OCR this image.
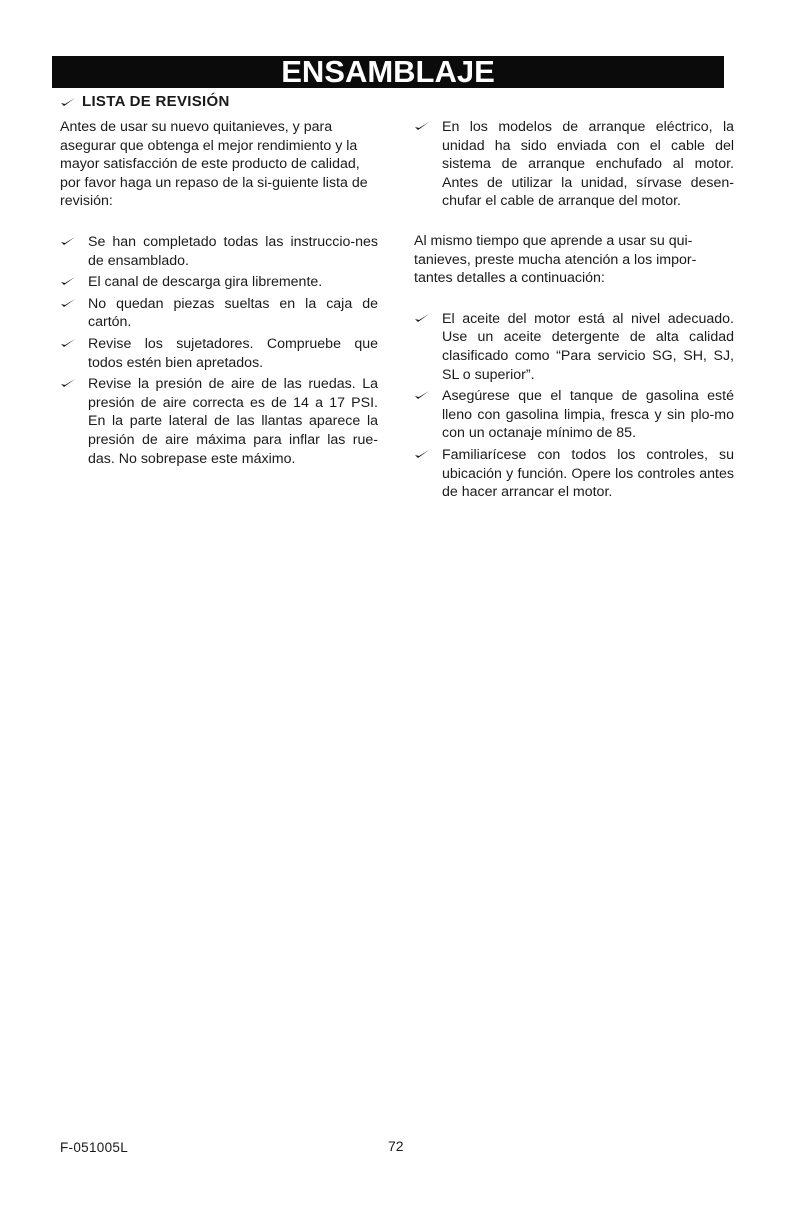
ENSAMBLAJE
LISTA DE REVISIÓN

Antes de usar su nuevo quitanieves, y para asegurar que obtenga el mejor rendimiento y la mayor satisfacción de este producto de calidad, por favor haga un repaso de la si-guiente lista de revisión:

Se han completado todas las instruccio-nes de ensamblado.
El canal de descarga gira libremente.
No quedan piezas sueltas en la caja de cartón.
Revise los sujetadores. Compruebe que todos estén bien apretados.
Revise la presión de aire de las ruedas. La presión de aire correcta es de 14 a 17 PSI. En la parte lateral de las llantas aparece la presión de aire máxima para inflar las rue-das. No sobrepase este máximo.
En los modelos de arranque eléctrico, la unidad ha sido enviada con el cable del sistema de arranque enchufado al motor. Antes de utilizar la unidad, sírvase desen-chufar el cable de arranque del motor.

Al mismo tiempo que aprende a usar su qui-tanieves, preste mucha atención a los impor-tantes detalles a continuación:

El aceite del motor está al nivel adecuado. Use un aceite detergente de alta calidad clasificado como “Para servicio SG, SH, SJ, SL o superior”.
Asegúrese que el tanque de gasolina esté lleno con gasolina limpia, fresca y sin plo-mo con un octanaje mínimo de 85.
Familiarícese con todos los controles, su ubicación y función. Opere los controles antes de hacer arrancar el motor.
F-051005L	72
